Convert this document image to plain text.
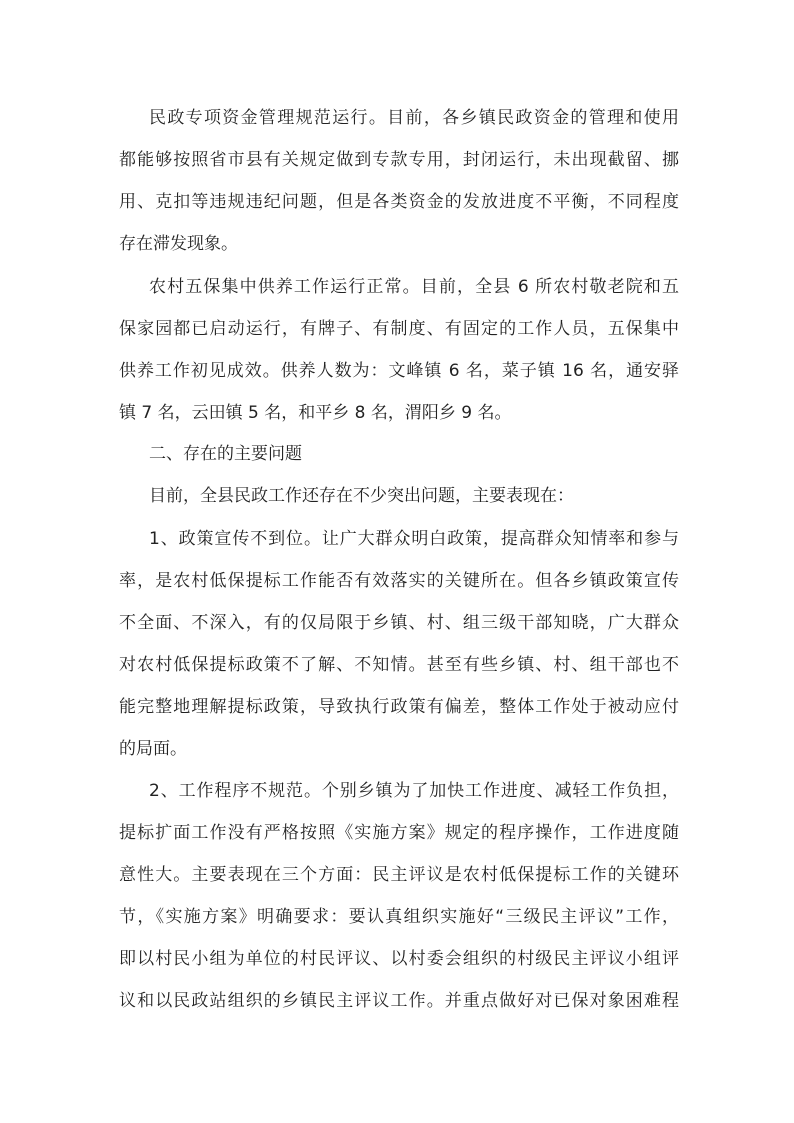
民政专项资金管理规范运行。目前，各乡镇民政资金的管理和使用

都能够按照省市县有关规定做到专款专用，封闭运行，未出现截留、挪

用、克扣等违规违纪问题，但是各类资金的发放进度不平衡，不同程度

存在滞发现象。

农村五保集中供养工作运行正常。目前，全县 6 所农村敬老院和五

保家园都已启动运行，有牌子、有制度、有固定的工作人员，五保集中

供养工作初见成效。供养人数为：文峰镇 6 名，菜子镇 16 名，通安驿

镇 7 名，云田镇 5 名，和平乡 8 名，渭阳乡 9 名。

二、存在的主要问题

目前，全县民政工作还存在不少突出问题，主要表现在：

1、政策宣传不到位。让广大群众明白政策，提高群众知情率和参与

率，是农村低保提标工作能否有效落实的关键所在。但各乡镇政策宣传

不全面、不深入，有的仅局限于乡镇、村、组三级干部知晓，广大群众

对农村低保提标政策不了解、不知情。甚至有些乡镇、村、组干部也不

能完整地理解提标政策，导致执行政策有偏差，整体工作处于被动应付

的局面。

2、工作程序不规范。个别乡镇为了加快工作进度、减轻工作负担，

提标扩面工作没有严格按照《实施方案》规定的程序操作，工作进度随

意性大。主要表现在三个方面：民主评议是农村低保提标工作的关键环

节，《实施方案》明确要求：要认真组织实施好“三级民主评议”工作，

即以村民小组为单位的村民评议、以村委会组织的村级民主评议小组评

议和以民政站组织的乡镇民主评议工作。并重点做好对已保对象困难程
